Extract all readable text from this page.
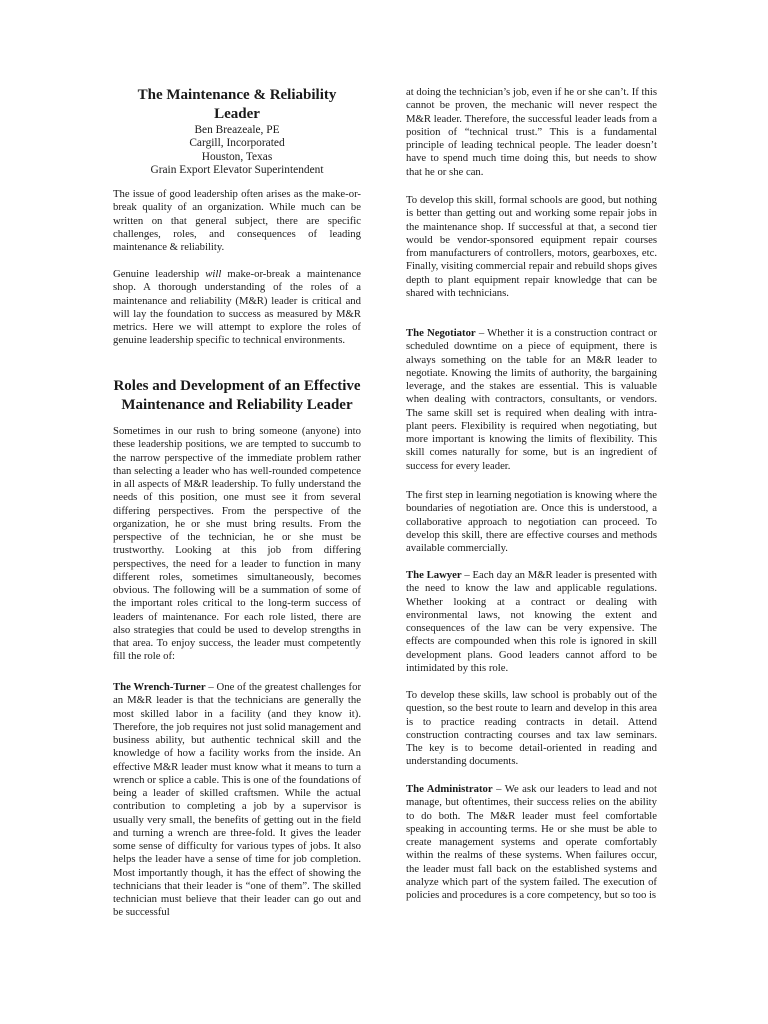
The Maintenance & Reliability Leader
Ben Breazeale, PE
Cargill, Incorporated
Houston, Texas
Grain Export Elevator Superintendent
The issue of good leadership often arises as the make-or-break quality of an organization. While much can be written on that general subject, there are specific challenges, roles, and consequences of leading maintenance & reliability.
Genuine leadership will make-or-break a maintenance shop. A thorough understanding of the roles of a maintenance and reliability (M&R) leader is critical and will lay the foundation to success as measured by M&R metrics. Here we will attempt to explore the roles of genuine leadership specific to technical environments.
Roles and Development of an Effective Maintenance and Reliability Leader
Sometimes in our rush to bring someone (anyone) into these leadership positions, we are tempted to succumb to the narrow perspective of the immediate problem rather than selecting a leader who has well-rounded competence in all aspects of M&R leadership. To fully understand the needs of this position, one must see it from several differing perspectives. From the perspective of the organization, he or she must bring results. From the perspective of the technician, he or she must be trustworthy. Looking at this job from differing perspectives, the need for a leader to function in many different roles, sometimes simultaneously, becomes obvious. The following will be a summation of some of the important roles critical to the long-term success of leaders of maintenance. For each role listed, there are also strategies that could be used to develop strengths in that area. To enjoy success, the leader must competently fill the role of:
The Wrench-Turner – One of the greatest challenges for an M&R leader is that the technicians are generally the most skilled labor in a facility (and they know it). Therefore, the job requires not just solid management and business ability, but authentic technical skill and the knowledge of how a facility works from the inside. An effective M&R leader must know what it means to turn a wrench or splice a cable. This is one of the foundations of being a leader of skilled craftsmen. While the actual contribution to completing a job by a supervisor is usually very small, the benefits of getting out in the field and turning a wrench are three-fold. It gives the leader some sense of difficulty for various types of jobs. It also helps the leader have a sense of time for job completion. Most importantly though, it has the effect of showing the technicians that their leader is “one of them”. The skilled technician must believe that their leader can go out and be successful
at doing the technician’s job, even if he or she can’t. If this cannot be proven, the mechanic will never respect the M&R leader. Therefore, the successful leader leads from a position of “technical trust.” This is a fundamental principle of leading technical people. The leader doesn’t have to spend much time doing this, but needs to show that he or she can.
To develop this skill, formal schools are good, but nothing is better than getting out and working some repair jobs in the maintenance shop. If successful at that, a second tier would be vendor-sponsored equipment repair courses from manufacturers of controllers, motors, gearboxes, etc. Finally, visiting commercial repair and rebuild shops gives depth to plant equipment repair knowledge that can be shared with technicians.
The Negotiator – Whether it is a construction contract or scheduled downtime on a piece of equipment, there is always something on the table for an M&R leader to negotiate. Knowing the limits of authority, the bargaining leverage, and the stakes are essential. This is valuable when dealing with contractors, consultants, or vendors. The same skill set is required when dealing with intra-plant peers. Flexibility is required when negotiating, but more important is knowing the limits of flexibility. This skill comes naturally for some, but is an ingredient of success for every leader.
The first step in learning negotiation is knowing where the boundaries of negotiation are. Once this is understood, a collaborative approach to negotiation can proceed. To develop this skill, there are effective courses and methods available commercially.
The Lawyer – Each day an M&R leader is presented with the need to know the law and applicable regulations. Whether looking at a contract or dealing with environmental laws, not knowing the extent and consequences of the law can be very expensive. The effects are compounded when this role is ignored in skill development plans. Good leaders cannot afford to be intimidated by this role.
To develop these skills, law school is probably out of the question, so the best route to learn and develop in this area is to practice reading contracts in detail. Attend construction contracting courses and tax law seminars. The key is to become detail-oriented in reading and understanding documents.
The Administrator – We ask our leaders to lead and not manage, but oftentimes, their success relies on the ability to do both. The M&R leader must feel comfortable speaking in accounting terms. He or she must be able to create management systems and operate comfortably within the realms of these systems. When failures occur, the leader must fall back on the established systems and analyze which part of the system failed. The execution of policies and procedures is a core competency, but so too is
